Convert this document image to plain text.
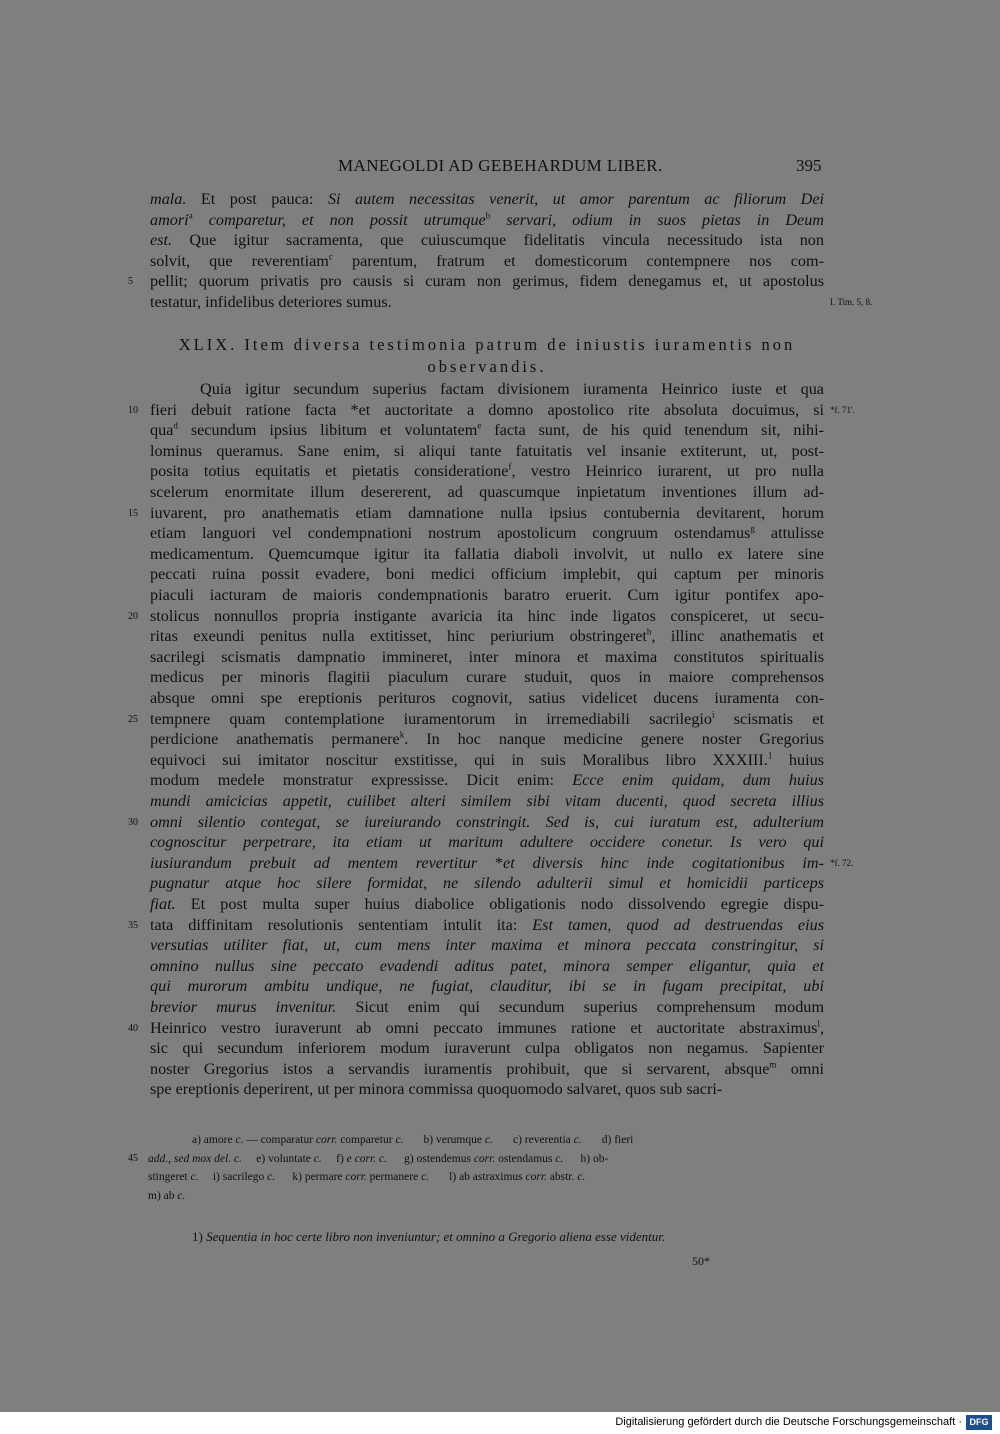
MANEGOLDI AD GEBEHARDUM LIBER.	395
mala. Et post pauca: Si autem necessitas venerit, ut amor parentum ac filiorum Dei
amori$^a$ comparetur, et non possit utrumque$^b$ servari, odium in suos pietas in Deum
est. Que igitur sacramenta, que cuiuscumque fidelitatis vincula necessitudo ista non
solvit, que reverentiam$^c$ parentum, fratrum et domesticorum contempnere nos com-
pellit; quorum privatis pro causis si curam non gerimus, fidem denegamus et, ut apostolus
5
testatur, infidelibus deteriores sumus.	I. Tim. 5, 8.
XLIX. Item diversa testimonia patrum de iniustis iuramentis non
observandis.
Quia igitur secundum superius factam divisionem iuramenta Heinrico iuste et qua
fieri debuit ratione facta *et auctoritate a domno apostolico rite absoluta docuimus, si
10	*f. 71'.
qua$^d$ secundum ipsius libitum et voluntatem$^e$ facta sunt, de his quid tenendum sit, nihi-
lominus queramus. Sane enim, si aliqui tante fatuitatis vel insanie extiterunt, ut, post-
posita totius equitatis et pietatis consideratione$^f$, vestro Heinrico iurarent, ut pro nulla
scelerum enormitate illum desererent, ad quascumque inpietatum inventiones illum ad-
iuvarent, pro anathematis etiam damnatione nulla ipsius contubernia devitarent, horum
15
etiam languori vel condempnationi nostrum apostolicum congruum ostendamus$^g$ attulisse
medicamentum. Quemcumque igitur ita fallatia diaboli involvit, ut nullo ex latere sine
peccati ruina possit evadere, boni medici officium implebit, qui captum per minoris
piaculi iacturam de maioris condempnationis baratro eruerit. Cum igitur pontifex apo-
stolicus nonnullos propria instigante avaricia ita hinc inde ligatos conspiceret, ut secu-
20
ritas exeundi penitus nulla extitisset, hinc periurium obstringeret$^h$, illinc anathematis et
sacrilegi scismatis dampnatio immineret, inter minora et maxima constitutos spiritualis
medicus per minoris flagitii piaculum curare studuit, quos in maiore comprehensos
absque omni spe ereptionis perituros cognovit, satius videlicet ducens iuramenta con-
tempnere quam contemplatione iuramentorum in irremediabili sacrilegio$^i$ scismatis et
25
perdicione anathematis permanere$^k$. In hoc nanque medicine genere noster Gregorius
equivoci sui imitator noscitur exstitisse, qui in suis Moralibus libro XXXIII.$^1$ huius
modum medele monstratur expressisse. Dicit enim: Ecce enim quidam, dum huius
mundi amicicias appetit, cuilibet alteri similem sibi vitam ducenti, quod secreta illius
omni silentio contegat, se iureiurando constringit. Sed is, cui iuratum est, adulterium
30
cognoscitur perpetrare, ita etiam ut maritum adultere occidere conetur. Is vero qui
iusiurandum prebuit ad mentem revertitur *et diversis hinc inde cogitationibus im- *f. 72.
pugnatur atque hoc silere formidat, ne silendo adulterii simul et homicidii particeps
fiat. Et post multa super huius diabolice obligationis nodo dissolvendo egregie dispu-
tata diffinitam resolutionis sententiam intulit ita: Est tamen, quod ad destruendas eius
35
versutias utiliter fiat, ut, cum mens inter maxima et minora peccata constringitur, si
omnino nullus sine peccato evadendi aditus patet, minora semper eligantur, quia et
qui murorum ambitu undique, ne fugiat, clauditur, ibi se in fugam precipitat, ubi
brevior murus invenitur. Sicut enim qui secundum superius comprehensum modum
Heinrico vestro iuraverunt ab omni peccato immunes ratione et auctoritate abstraximus$^l$,
40
sic qui secundum inferiorem modum iuraverunt culpa obligatos non negamus. Sapienter
noster Gregorius istos a servandis iuramentis prohibuit, que si servarent, absque$^m$ omni
spe ereptionis deperirent, ut per minora commissa quoquomodo salvaret, quos sub sacri-
a) amore c. — comparatur corr. comparetur c.       b) verumque c.       c) reverentia c.       d) fieri
add., sed mox del. c.     e) voluntate c.     f) e corr. c.      g) ostendemus corr. ostendamus c.      h) ob-
45
stingeret c.     i) sacrilego c.      k) permare corr. permanere c.       l) ab astraximus corr. abstr. c.
m) ab c.
1) Sequentia in hoc certe libro non inveniuntur; et omnino a Gregorio aliena esse videntur.
50*
Digitalisierung gefördert durch die Deutsche Forschungsgemeinschaft · DFG
